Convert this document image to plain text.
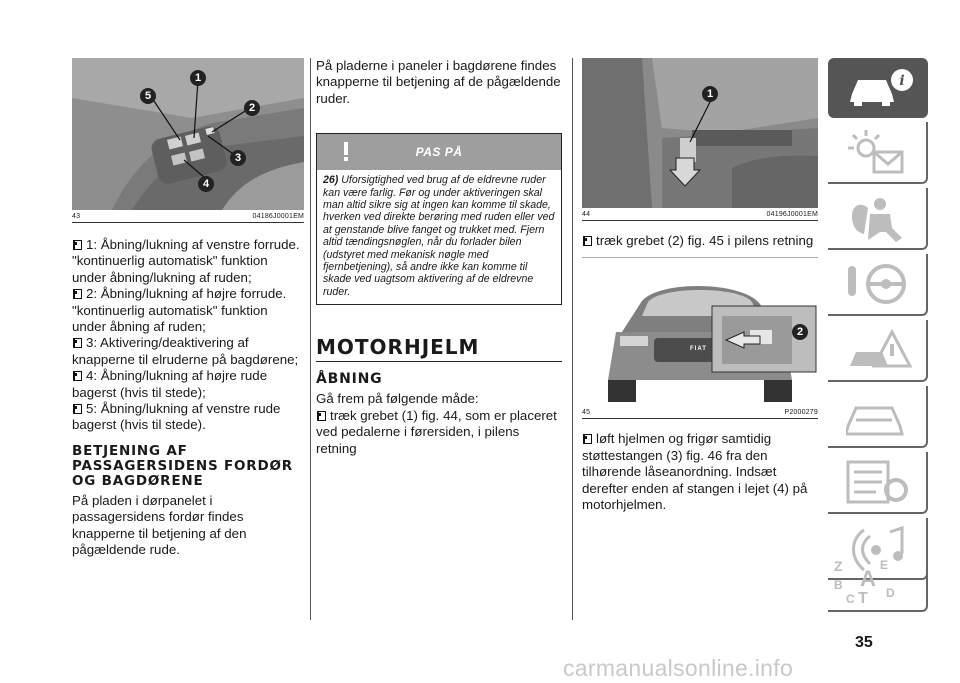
1
2
3
4
5
43	04186J0001EM

1: Åbning/lukning af venstre forrude. "kontinuerlig automatisk" funktion under åbning/lukning af ruden;

2: Åbning/lukning af højre forrude. "kontinuerlig automatisk" funktion under åbning af ruden;

3: Aktivering/deaktivering af knapperne til elruderne på bagdørene;

4: Åbning/lukning af højre rude bagerst (hvis til stede);

5: Åbning/lukning af venstre rude bagerst (hvis til stede).

BETJENING AF PASSAGERSIDENS FORDØR OG BAGDØRENE

På pladen i dørpanelet i passagersidens fordør findes knapperne til betjening af den pågældende rude.

På pladerne i paneler i bagdørene findes knapperne til betjening af de pågældende ruder.

PAS PÅ
26) Uforsigtighed ved brug af de eldrevne ruder kan være farlig. Før og under aktiveringen skal man altid sikre sig at ingen kan komme til skade, hverken ved direkte berøring med ruden eller ved at genstande blive fanget og trukket med. Fjern altid tændingsnøglen, når du forlader bilen (udstyret med mekanisk nøgle med fjernbetjening), så andre ikke kan komme til skade ved uagtsom aktivering af de eldrevne ruder.
MOTORHJELM
ÅBNING

Gå frem på følgende måde:

træk grebet (1) fig. 44, som er placeret ved pedalerne i førersiden, i pilens retning

1
44	04196J0001EM

træk grebet (2) fig. 45 i pilens retning

FIAT
2
45	P2000279

løft hjelmen og frigør samtidig støttestangen (3) fig. 46 fra den tilhørende låseanordning. Indsæt derefter enden af stangen i lejet (4) på motorhjelmen.

i
Z	E
A
B
C T D
35
carmanualsonline.info
